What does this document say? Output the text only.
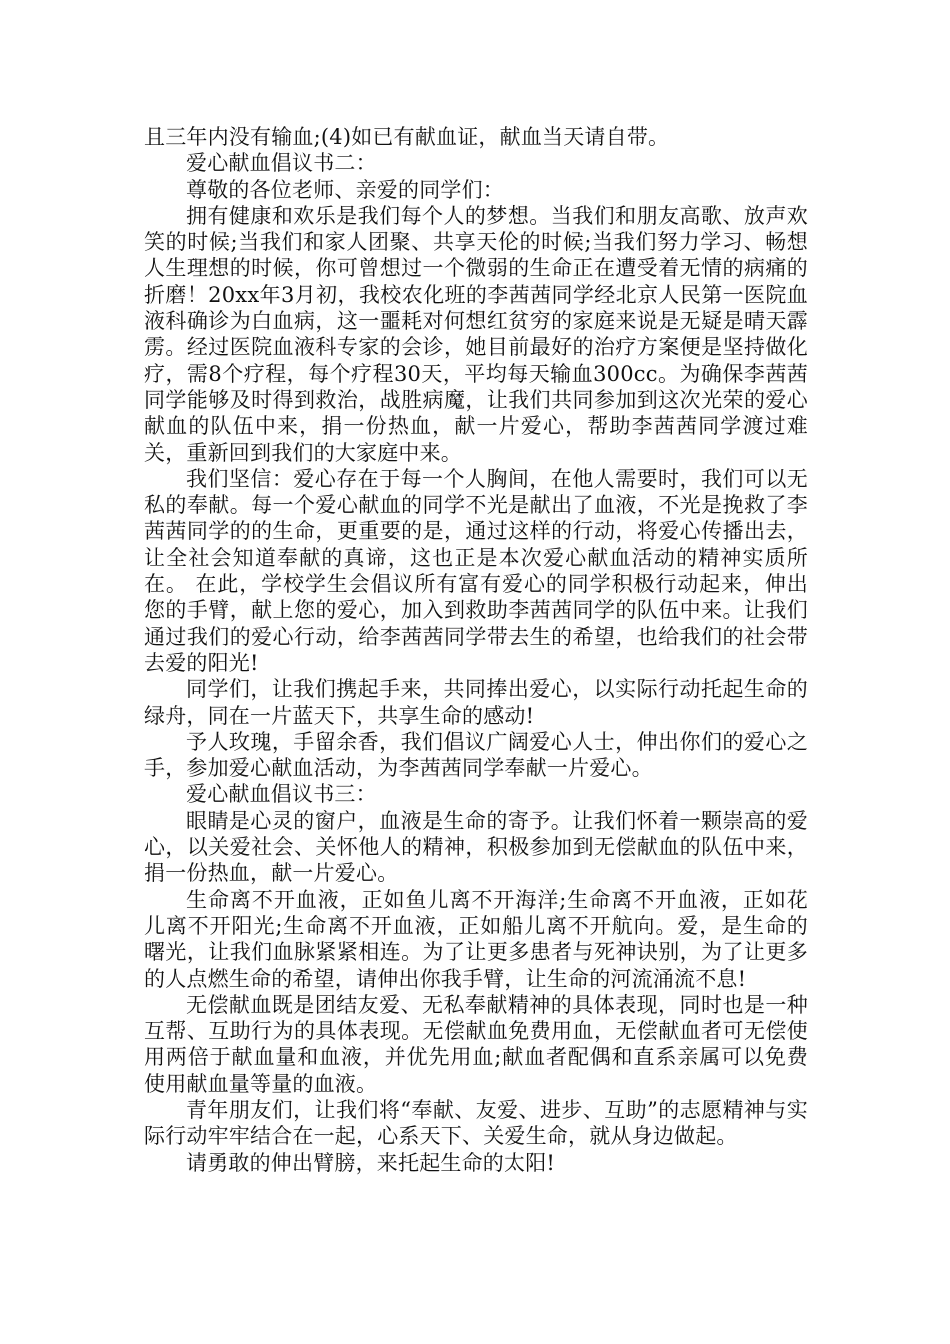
且三年内没有输血;(4)如已有献血证，献血当天请自带。

爱心献血倡议书二：

尊敬的各位老师、亲爱的同学们：

拥有健康和欢乐是我们每个人的梦想。当我们和朋友高歌、放声欢笑的时候;当我们和家人团聚、共享天伦的时候;当我们努力学习、畅想人生理想的时候，你可曾想过一个微弱的生命正在遭受着无情的病痛的折磨！20xx年3月初，我校农化班的李茜茜同学经北京人民第一医院血液科确诊为白血病，这一噩耗对何想红贫穷的家庭来说是无疑是晴天霹雳。经过医院血液科专家的会诊，她目前最好的治疗方案便是坚持做化疗，需8个疗程，每个疗程30天，平均每天输血300cc。为确保李茜茜同学能够及时得到救治，战胜病魔，让我们共同参加到这次光荣的爱心献血的队伍中来，捐一份热血，献一片爱心，帮助李茜茜同学渡过难关，重新回到我们的大家庭中来。

我们坚信：爱心存在于每一个人胸间，在他人需要时，我们可以无私的奉献。每一个爱心献血的同学不光是献出了血液，不光是挽救了李茜茜同学的的生命，更重要的是，通过这样的行动，将爱心传播出去，让全社会知道奉献的真谛，这也正是本次爱心献血活动的精神实质所在。 在此，学校学生会倡议所有富有爱心的同学积极行动起来，伸出您的手臂，献上您的爱心，加入到救助李茜茜同学的队伍中来。让我们通过我们的爱心行动，给李茜茜同学带去生的希望，也给我们的社会带去爱的阳光!

同学们，让我们携起手来，共同捧出爱心，以实际行动托起生命的绿舟，同在一片蓝天下，共享生命的感动!

予人玫瑰，手留余香，我们倡议广阔爱心人士，伸出你们的爱心之手，参加爱心献血活动，为李茜茜同学奉献一片爱心。

爱心献血倡议书三：

眼睛是心灵的窗户，血液是生命的寄予。让我们怀着一颗崇高的爱心，以关爱社会、关怀他人的精神，积极参加到无偿献血的队伍中来，捐一份热血，献一片爱心。

生命离不开血液，正如鱼儿离不开海洋;生命离不开血液，正如花儿离不开阳光;生命离不开血液，正如船儿离不开航向。爱，是生命的曙光，让我们血脉紧紧相连。为了让更多患者与死神诀别，为了让更多的人点燃生命的希望，请伸出你我手臂，让生命的河流涌流不息!

无偿献血既是团结友爱、无私奉献精神的具体表现，同时也是一种互帮、互助行为的具体表现。无偿献血免费用血，无偿献血者可无偿使用两倍于献血量和血液，并优先用血;献血者配偶和直系亲属可以免费使用献血量等量的血液。

青年朋友们，让我们将“奉献、友爱、进步、互助”的志愿精神与实际行动牢牢结合在一起，心系天下、关爱生命，就从身边做起。

请勇敢的伸出臂膀，来托起生命的太阳!
